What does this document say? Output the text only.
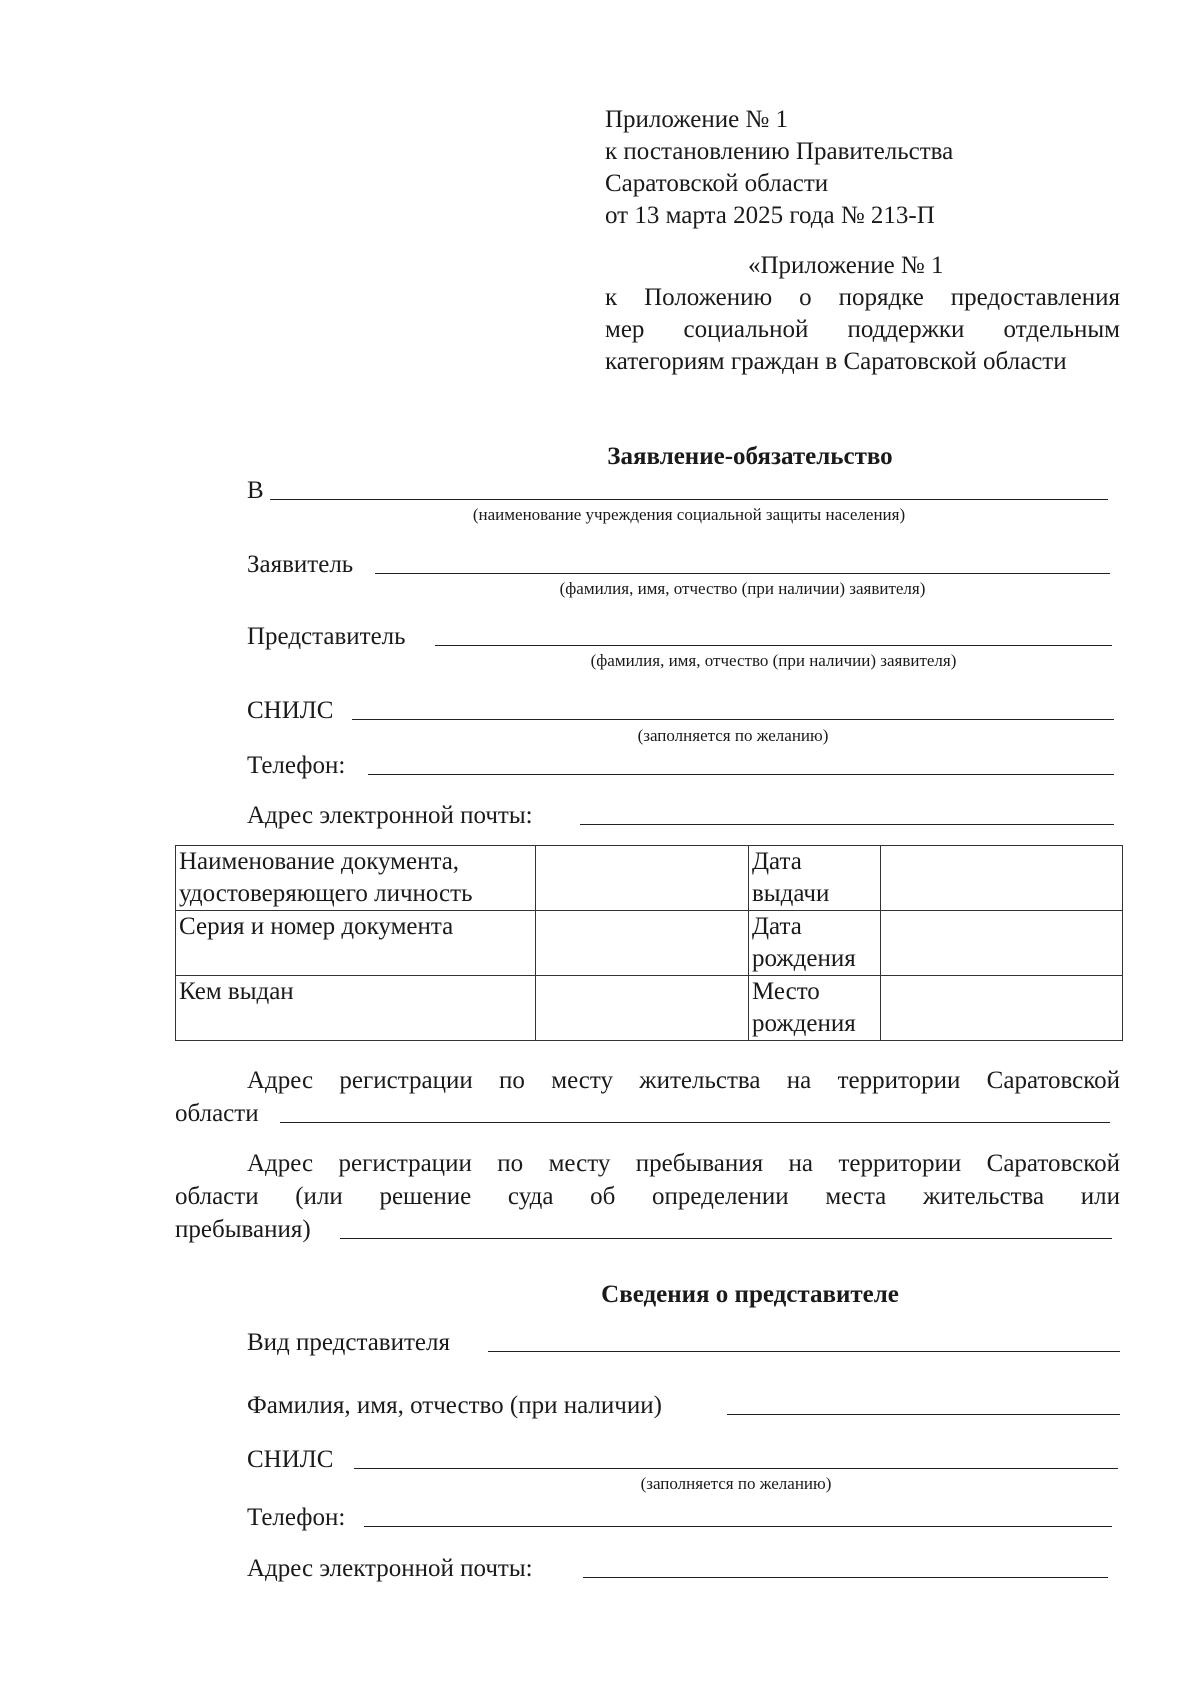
Приложение № 1
к постановлению Правительства
Саратовской области
от 13 марта 2025 года № 213-П
«Приложение № 1
к Положению о порядке предоставления
мер социальной поддержки отдельным
категориям граждан в Саратовской области
Заявление-обязательство
В
(наименование учреждения социальной защиты населения)
Заявитель
(фамилия, имя, отчество (при наличии) заявителя)
Представитель
(фамилия, имя, отчество (при наличии) заявителя)
СНИЛС
(заполняется по желанию)
Телефон:
Адрес электронной почты:
Наименование документа, удостоверяющего личность		Дата выдачи	
Серия и номер документа		Дата рождения	
Кем выдан		Место рождения	
Адрес регистрации по месту жительства на территории Саратовской
области
Адрес регистрации по месту пребывания на территории Саратовской
области (или решение суда об определении места жительства или
пребывания)
Сведения о представителе
Вид представителя
Фамилия, имя, отчество (при наличии)
СНИЛС
(заполняется по желанию)
Телефон:
Адрес электронной почты:
